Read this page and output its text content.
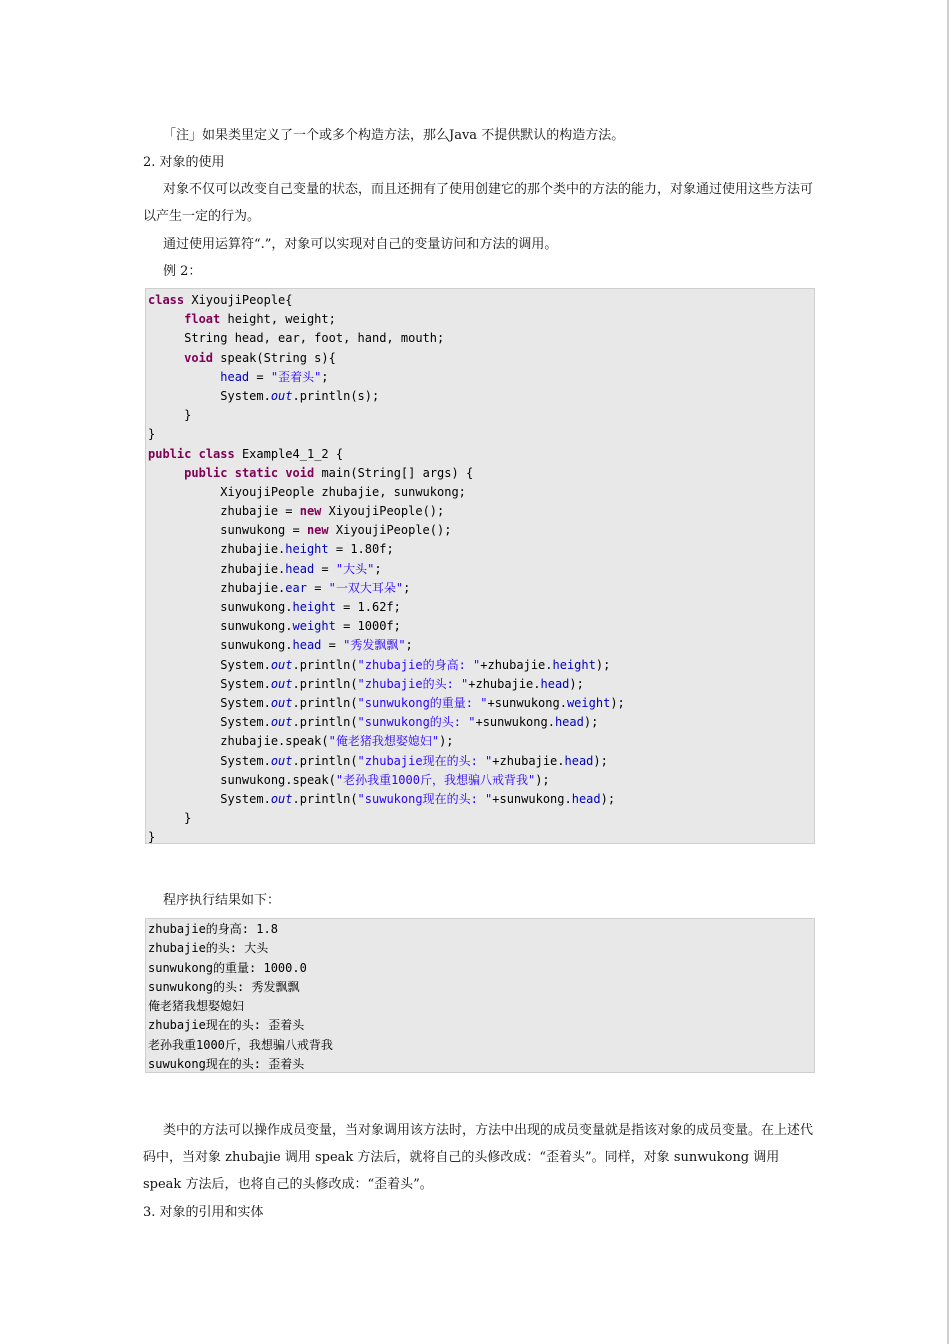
「注」如果类里定义了一个或多个构造方法，那么Java 不提供默认的构造方法。

2. 对象的使用

对象不仅可以改变自己变量的状态，而且还拥有了使用创建它的那个类中的方法的能力，对象通过使用这些方法可以产生一定的行为。

通过使用运算符“.”，对象可以实现对自己的变量访问和方法的调用。

例 2：

class XiyoujiPeople{
float height, weight;
String head, ear, foot, hand, mouth;
void speak(String s){
head = "歪着头";
System.out.println(s);
}
}
public class Example4_1_2 {
public static void main(String[] args) {
XiyoujiPeople zhubajie, sunwukong;
zhubajie = new XiyoujiPeople();
sunwukong = new XiyoujiPeople();
zhubajie.height = 1.80f;
zhubajie.head = "大头";
zhubajie.ear = "一双大耳朵";
sunwukong.height = 1.62f;
sunwukong.weight = 1000f;
sunwukong.head = "秀发飘飘";
System.out.println("zhubajie的身高: "+zhubajie.height);
System.out.println("zhubajie的头: "+zhubajie.head);
System.out.println("sunwukong的重量: "+sunwukong.weight);
System.out.println("sunwukong的头: "+sunwukong.head);
zhubajie.speak("俺老猪我想娶媳妇");
System.out.println("zhubajie现在的头: "+zhubajie.head);
sunwukong.speak("老孙我重1000斤，我想骗八戒背我");
System.out.println("suwukong现在的头: "+sunwukong.head);
}
}

程序执行结果如下：

zhubajie的身高: 1.8
zhubajie的头: 大头
sunwukong的重量: 1000.0
sunwukong的头: 秀发飘飘
俺老猪我想娶媳妇
zhubajie现在的头: 歪着头
老孙我重1000斤，我想骗八戒背我
suwukong现在的头: 歪着头

类中的方法可以操作成员变量，当对象调用该方法时，方法中出现的成员变量就是指该对象的成员变量。在上述代码中，当对象 zhubajie 调用 speak 方法后，就将自己的头修改成：“歪着头”。同样，对象 sunwukong 调用 speak 方法后，也将自己的头修改成：“歪着头”。

3. 对象的引用和实体
